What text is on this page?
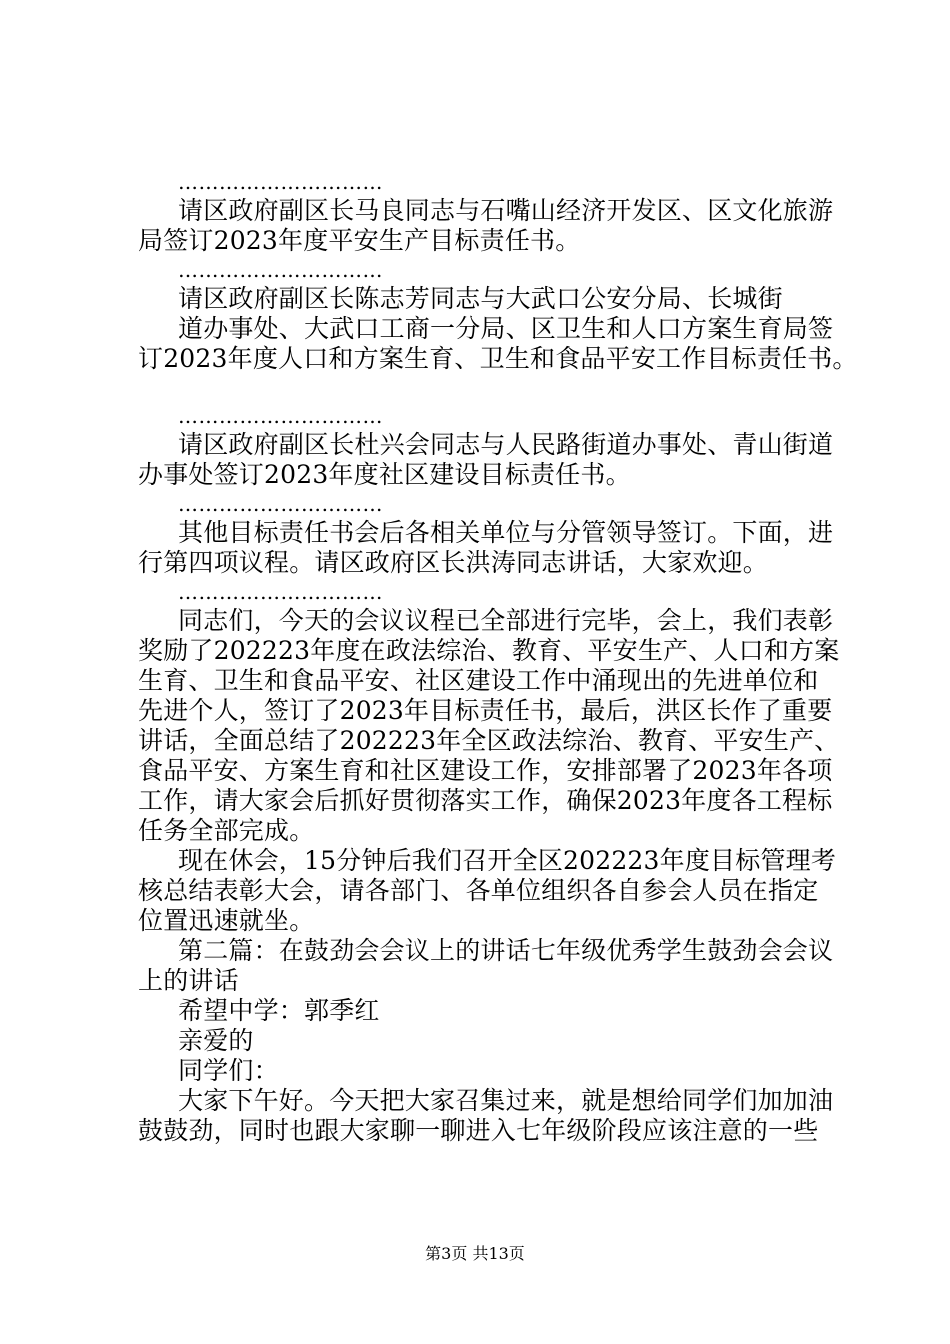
…………………………
请区政府副区长马良同志与石嘴山经济开发区、区文化旅游
局签订2023年度平安生产目标责任书。
…………………………
请区政府副区长陈志芳同志与大武口公安分局、长城街
道办事处、大武口工商一分局、区卫生和人口方案生育局签
订2023年度人口和方案生育、卫生和食品平安工作目标责任书。
…………………………
请区政府副区长杜兴会同志与人民路街道办事处、青山街道
办事处签订2023年度社区建设目标责任书。
…………………………
其他目标责任书会后各相关单位与分管领导签订。下面，进
行第四项议程。请区政府区长洪涛同志讲话，大家欢迎。
…………………………
同志们，今天的会议议程已全部进行完毕，会上，我们表彰
奖励了202223年度在政法综治、教育、平安生产、人口和方案
生育、卫生和食品平安、社区建设工作中涌现出的先进单位和
先进个人，签订了2023年目标责任书，最后，洪区长作了重要
讲话，全面总结了202223年全区政法综治、教育、平安生产、
食品平安、方案生育和社区建设工作，安排部署了2023年各项
工作，请大家会后抓好贯彻落实工作，确保2023年度各工程标
任务全部完成。
现在休会，15分钟后我们召开全区202223年度目标管理考
核总结表彰大会，请各部门、各单位组织各自参会人员在指定
位置迅速就坐。
第二篇：在鼓劲会会议上的讲话七年级优秀学生鼓劲会会议
上的讲话
希望中学：郭季红
亲爱的
同学们：
大家下午好。今天把大家召集过来，就是想给同学们加加油
鼓鼓劲，同时也跟大家聊一聊进入七年级阶段应该注意的一些
第3页 共13页
